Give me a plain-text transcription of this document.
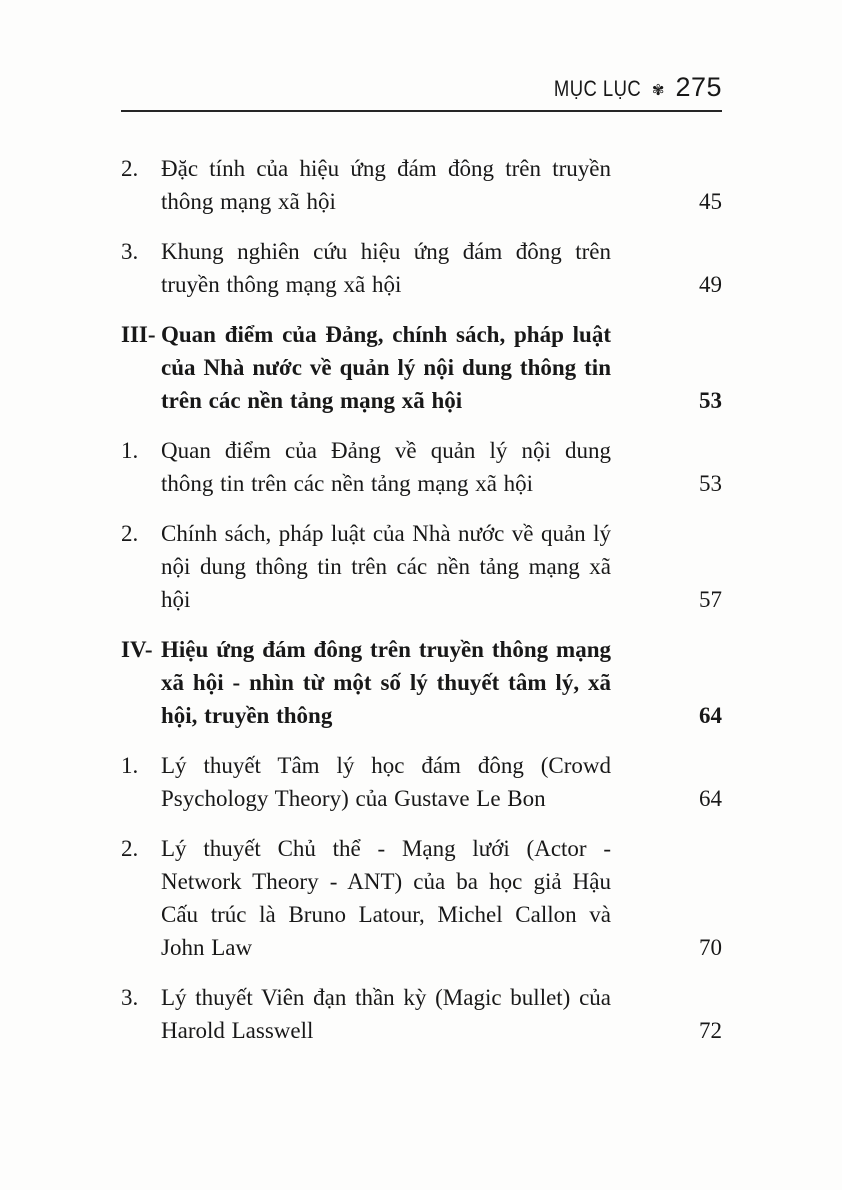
MỤC LỤC ✾ 275
2. Đặc tính của hiệu ứng đám đông trên truyền thông mạng xã hội	45
3. Khung nghiên cứu hiệu ứng đám đông trên truyền thông mạng xã hội	49
III- Quan điểm của Đảng, chính sách, pháp luật của Nhà nước về quản lý nội dung thông tin trên các nền tảng mạng xã hội	53
1. Quan điểm của Đảng về quản lý nội dung thông tin trên các nền tảng mạng xã hội	53
2. Chính sách, pháp luật của Nhà nước về quản lý nội dung thông tin trên các nền tảng mạng xã hội	57
IV- Hiệu ứng đám đông trên truyền thông mạng xã hội - nhìn từ một số lý thuyết tâm lý, xã hội, truyền thông	64
1. Lý thuyết Tâm lý học đám đông (Crowd Psychology Theory) của Gustave Le Bon	64
2. Lý thuyết Chủ thể - Mạng lưới (Actor - Network Theory - ANT) của ba học giả Hậu Cấu trúc là Bruno Latour, Michel Callon và John Law	70
3. Lý thuyết Viên đạn thần kỳ (Magic bullet) của Harold Lasswell	72
